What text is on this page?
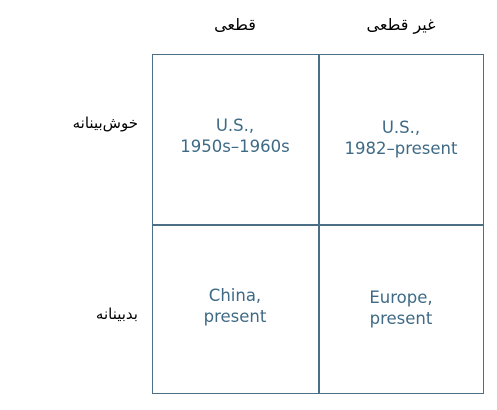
قطعی	غیر قطعی
خوش‌بینانه
بدبینانه
U.S.,
1950s–1960s
U.S.,
1982–present
China,
present
Europe,
present
